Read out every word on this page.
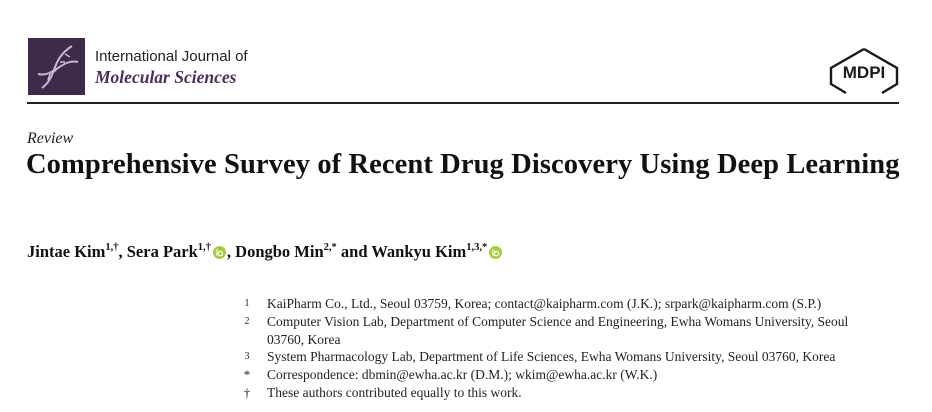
International Journal of
Molecular Sciences	MDPI
Review
Comprehensive Survey of Recent Drug Discovery Using Deep Learning
Jintae Kim$^{1,\dagger}$, Sera Park$^{1,\dagger}$ , Dongbo Min$^{2,*}$ and Wankyu Kim$^{1,3,*}$
1	KaiPharm Co., Ltd., Seoul 03759, Korea; contact@kaipharm.com (J.K.); srpark@kaipharm.com (S.P.)
2	Computer Vision Lab, Department of Computer Science and Engineering, Ewha Womans University, Seoul 03760, Korea
3	System Pharmacology Lab, Department of Life Sciences, Ewha Womans University, Seoul 03760, Korea
* Correspondence: dbmin@ewha.ac.kr (D.M.); wkim@ewha.ac.kr (W.K.)
† These authors contributed equally to this work.
